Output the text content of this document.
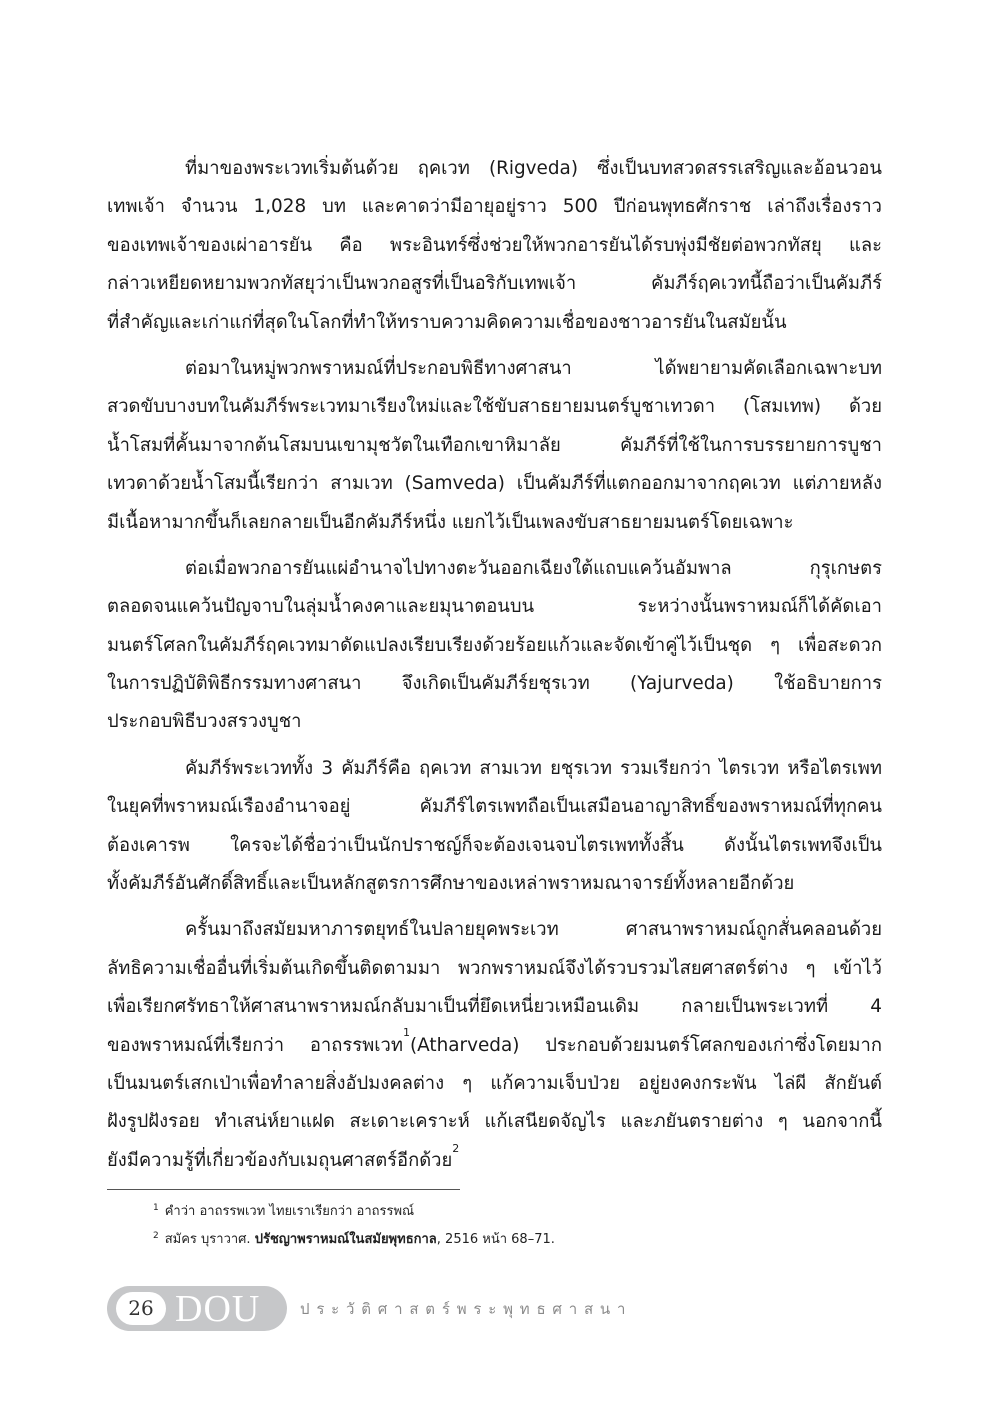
ที่มาของพระเวทเริ่มต้นด้วย ฤคเวท (Rigveda) ซึ่งเป็นบทสวดสรรเสริญและอ้อนวอน
เทพเจ้า จำนวน 1,028 บท และคาดว่ามีอายุอยู่ราว 500 ปีก่อนพุทธศักราช เล่าถึงเรื่องราว
ของเทพเจ้าของเผ่าอารยัน คือ พระอินทร์ซึ่งช่วยให้พวกอารยันได้รบพุ่งมีชัยต่อพวกทัสยุ และ
กล่าวเหยียดหยามพวกทัสยุว่าเป็นพวกอสูรที่เป็นอริกับเทพเจ้า คัมภีร์ฤคเวทนี้ถือว่าเป็นคัมภีร์
ที่สำคัญและเก่าแก่ที่สุดในโลกที่ทำให้ทราบความคิดความเชื่อของชาวอารยันในสมัยนั้น
ต่อมาในหมู่พวกพราหมณ์ที่ประกอบพิธีทางศาสนา ได้พยายามคัดเลือกเฉพาะบท
สวดขับบางบทในคัมภีร์พระเวทมาเรียงใหม่และใช้ขับสาธยายมนตร์บูชาเทวดา (โสมเทพ) ด้วย
น้ำโสมที่คั้นมาจากต้นโสมบนเขามุชวัตในเทือกเขาหิมาลัย คัมภีร์ที่ใช้ในการบรรยายการบูชา
เทวดาด้วยน้ำโสมนี้เรียกว่า สามเวท (Samveda) เป็นคัมภีร์ที่แตกออกมาจากฤคเวท แต่ภายหลัง
มีเนื้อหามากขึ้นก็เลยกลายเป็นอีกคัมภีร์หนึ่ง แยกไว้เป็นเพลงขับสาธยายมนตร์โดยเฉพาะ
ต่อเมื่อพวกอารยันแผ่อำนาจไปทางตะวันออกเฉียงใต้แถบแคว้นอัมพาล กุรุเกษตร
ตลอดจนแคว้นปัญจาบในลุ่มน้ำคงคาและยมุนาตอนบน ระหว่างนั้นพราหมณ์ก็ได้คัดเอา
มนตร์โศลกในคัมภีร์ฤคเวทมาดัดแปลงเรียบเรียงด้วยร้อยแก้วและจัดเข้าคู่ไว้เป็นชุด ๆ เพื่อสะดวก
ในการปฏิบัติพิธีกรรมทางศาสนา จึงเกิดเป็นคัมภีร์ยชุรเวท (Yajurveda) ใช้อธิบายการ
ประกอบพิธีบวงสรวงบูชา
คัมภีร์พระเวททั้ง 3 คัมภีร์คือ ฤคเวท สามเวท ยชุรเวท รวมเรียกว่า ไตรเวท หรือไตรเพท
ในยุคที่พราหมณ์เรืองอำนาจอยู่ คัมภีร์ไตรเพทถือเป็นเสมือนอาญาสิทธิ์ของพราหมณ์ที่ทุกคน
ต้องเคารพ ใครจะได้ชื่อว่าเป็นนักปราชญ์ก็จะต้องเจนจบไตรเพททั้งสิ้น ดังนั้นไตรเพทจึงเป็น
ทั้งคัมภีร์อันศักดิ์สิทธิ์และเป็นหลักสูตรการศึกษาของเหล่าพราหมณาจารย์ทั้งหลายอีกด้วย
ครั้นมาถึงสมัยมหาภารตยุทธ์ในปลายยุคพระเวท ศาสนาพราหมณ์ถูกสั่นคลอนด้วย
ลัทธิความเชื่ออื่นที่เริ่มต้นเกิดขึ้นติดตามมา พวกพราหมณ์จึงได้รวบรวมไสยศาสตร์ต่าง ๆ เข้าไว้
เพื่อเรียกศรัทธาให้ศาสนาพราหมณ์กลับมาเป็นที่ยึดเหนี่ยวเหมือนเดิม กลายเป็นพระเวทที่ 4
ของพราหมณ์ที่เรียกว่า อาถรรพเวท$^1$(Atharveda) ประกอบด้วยมนตร์โศลกของเก่าซึ่งโดยมาก
เป็นมนตร์เสกเป่าเพื่อทำลายสิ่งอัปมงคลต่าง ๆ แก้ความเจ็บป่วย อยู่ยงคงกระพัน ไล่ผี สักยันต์
ฝังรูปฝังรอย ทำเสน่ห์ยาแฝด สะเดาะเคราะห์ แก้เสนียดจัญไร และภยันตรายต่าง ๆ นอกจากนี้
ยังมีความรู้ที่เกี่ยวข้องกับเมถุนศาสตร์อีกด้วย$^2$
$^1$ คำว่า อาถรรพเวท ไทยเราเรียกว่า อาถรรพณ์
$^2$ สมัคร บุราวาศ. ปรัชญาพราหมณ์ในสมัยพุทธกาล, 2516 หน้า 68–71.
26 DOU	ประวัติศาสตร์พระพุทธศาสนา
